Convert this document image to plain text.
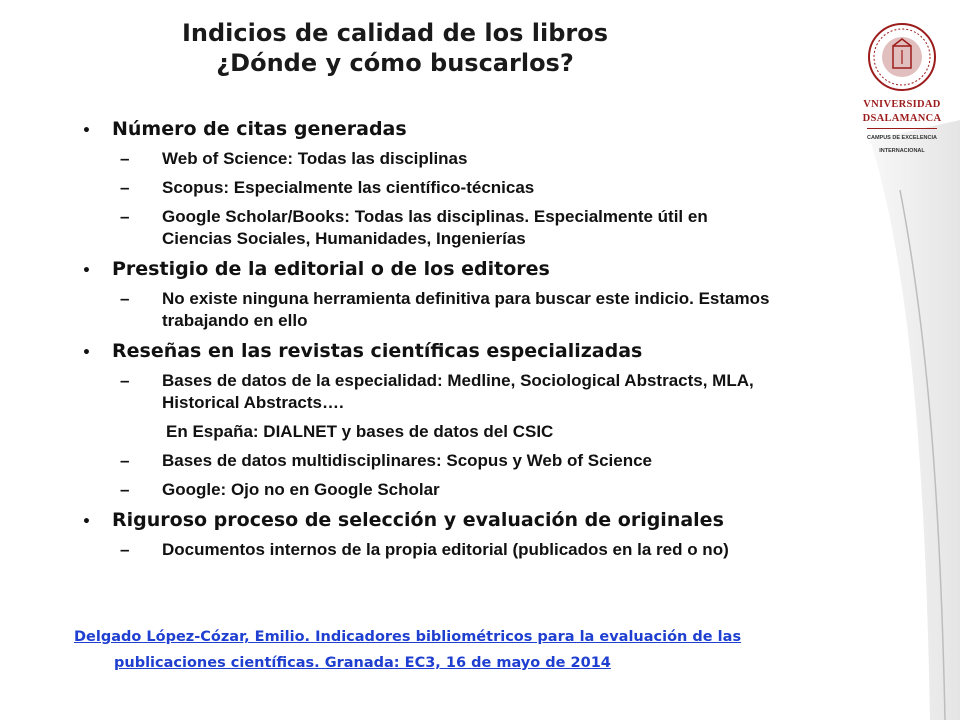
Indicios de calidad de los libros
¿Dónde y cómo buscarlos?
VNIVERSIDAD
DSALAMANCA
CAMPUS DE EXCELENCIA
INTERNACIONAL
•	Número de citas generadas
–	Web of Science: Todas las disciplinas
–	Scopus: Especialmente las científico-técnicas
–	Google Scholar/Books: Todas las disciplinas. Especialmente útil en Ciencias Sociales, Humanidades, Ingenierías
•	Prestigio de la editorial o de los editores
–	No existe ninguna herramienta definitiva para buscar este indicio. Estamos trabajando en ello
•	Reseñas en las revistas científicas especializadas
–	Bases de datos de la especialidad: Medline, Sociological Abstracts, MLA, Historical Abstracts….
En España: DIALNET y bases de datos del CSIC
–	Bases de datos multidisciplinares: Scopus y Web of Science
–	Google: Ojo no en Google Scholar
•	Riguroso proceso de selección y evaluación de originales
–	Documentos internos de la propia editorial (publicados en la red o no)
Delgado López-Cózar, Emilio. Indicadores bibliométricos para la evaluación de las
publicaciones científicas. Granada: EC3, 16 de mayo de 2014
